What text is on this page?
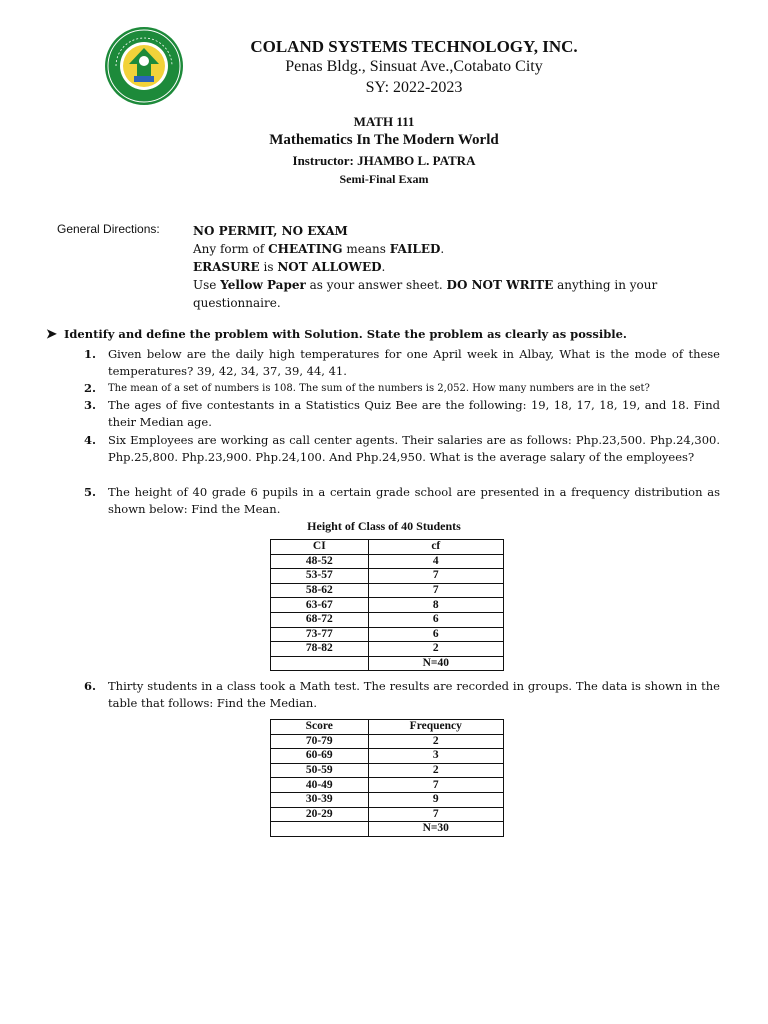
COLAND SYSTEMS TECHNOLOGY, INC.
Penas Bldg., Sinsuat Ave.,Cotabato City
SY: 2022-2023
MATH 111
Mathematics In The Modern World
Instructor: JHAMBO L. PATRA
Semi-Final Exam
General Directions:	NO PERMIT, NO EXAM
Any form of CHEATING means FAILED.
ERASURE is NOT ALLOWED.
Use Yellow Paper as your answer sheet. DO NOT WRITE anything in your
questionnaire.
➤ Identify and define the problem with Solution. State the problem as clearly as possible.
1. Given below are the daily high temperatures for one April week in Albay, What is the mode of these temperatures? 39, 42, 34, 37, 39, 44, 41.
2. The mean of a set of numbers is 108. The sum of the numbers is 2,052. How many numbers are in the set?
3. The ages of five contestants in a Statistics Quiz Bee are the following: 19, 18, 17, 18, 19, and 18. Find their Median age.
4. Six Employees are working as call center agents. Their salaries are as follows: Php.23,500. Php.24,300. Php.25,800. Php.23,900. Php.24,100. And Php.24,950. What is the average salary of the employees?
5. The height of 40 grade 6 pupils in a certain grade school are presented in a frequency distribution as shown below: Find the Mean.
Height of Class of 40 Students
CI	cf
48-52	4
53-57	7
58-62	7
63-67	8
68-72	6
73-77	6
78-82	2
	N=40
6. Thirty students in a class took a Math test. The results are recorded in groups. The data is shown in the table that follows: Find the Median.
Score	Frequency
70-79	2
60-69	3
50-59	2
40-49	7
30-39	9
20-29	7
	N=30
